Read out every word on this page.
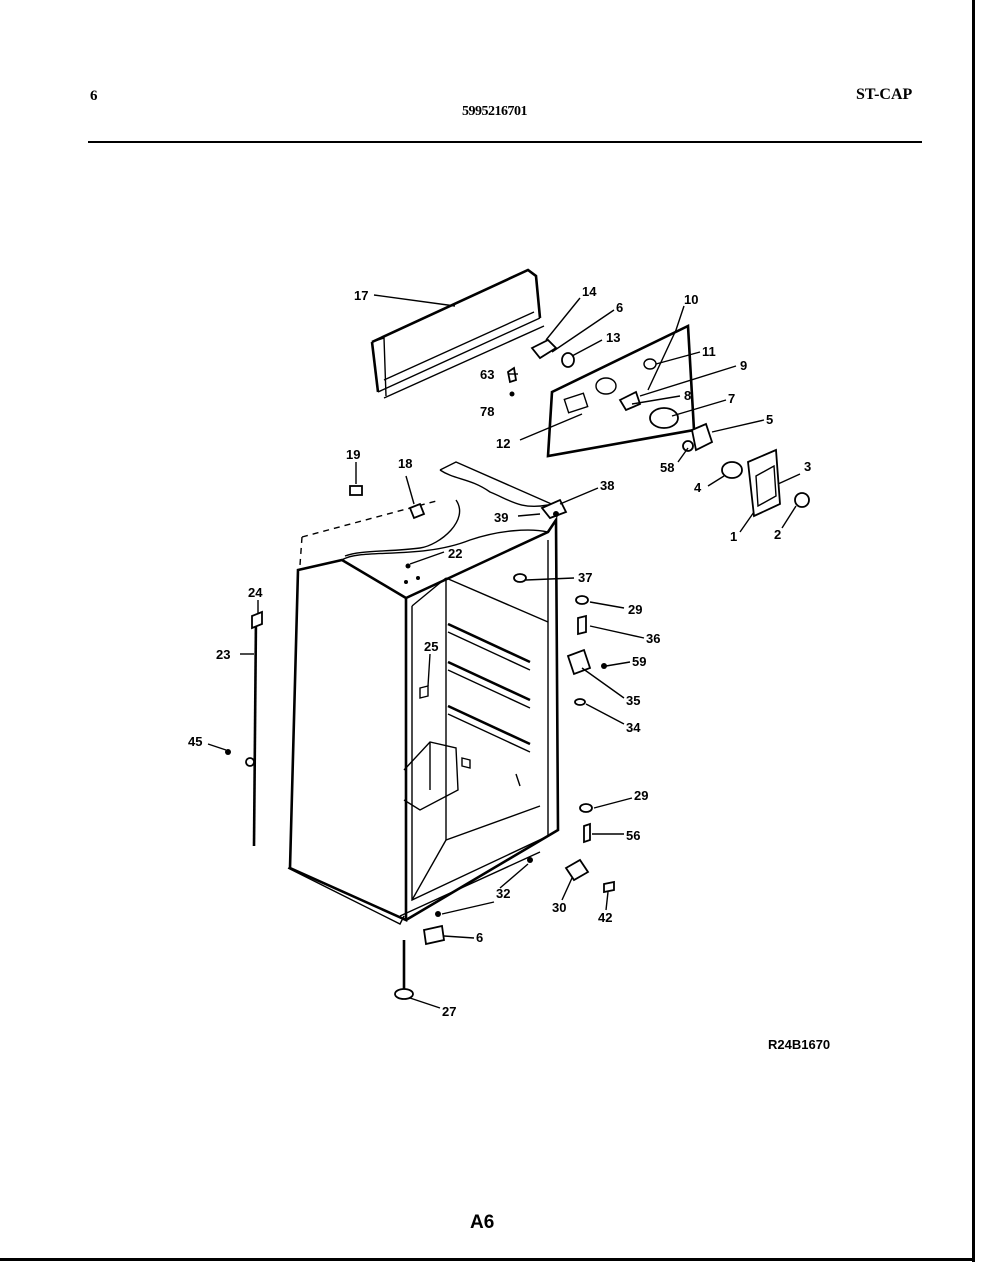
6
5995216701
ST-CAP
17	14
6
13
10
11
63
9
78
8	7
12
5
58	3
4
1	2
19
18
38
39
22
37
24
29
36
23
25
59
35
45
34
29
56
32
30
42
6
27
R24B1670
A6
